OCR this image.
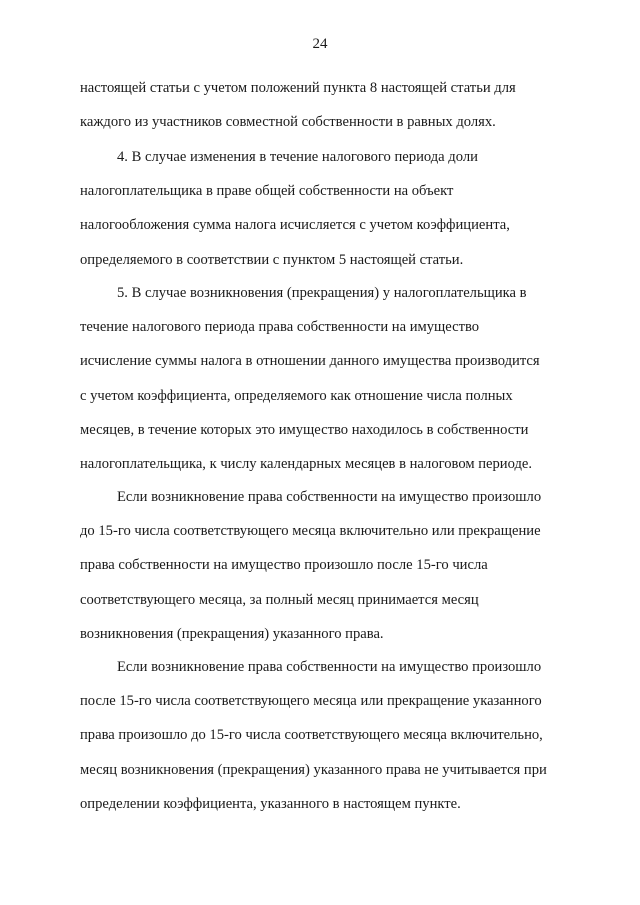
24

настоящей статьи с учетом положений пункта 8 настоящей статьи для
каждого из участников совместной собственности в равных долях.

4. В случае изменения в течение налогового периода доли
налогоплательщика в праве общей собственности на объект
налогообложения сумма налога исчисляется с учетом коэффициента,
определяемого в соответствии с пунктом 5 настоящей статьи.

5. В случае возникновения (прекращения) у налогоплательщика в
течение налогового периода права собственности на имущество
исчисление суммы налога в отношении данного имущества производится
с учетом коэффициента, определяемого как отношение числа полных
месяцев, в течение которых это имущество находилось в собственности
налогоплательщика, к числу календарных месяцев в налоговом периоде.

Если возникновение права собственности на имущество произошло
до 15-го числа соответствующего месяца включительно или прекращение
права собственности на имущество произошло после 15-го числа
соответствующего месяца, за полный месяц принимается месяц
возникновения (прекращения) указанного права.

Если возникновение права собственности на имущество произошло
после 15-го числа соответствующего месяца или прекращение указанного
права произошло до 15-го числа соответствующего месяца включительно,
месяц возникновения (прекращения) указанного права не учитывается при
определении коэффициента, указанного в настоящем пункте.
